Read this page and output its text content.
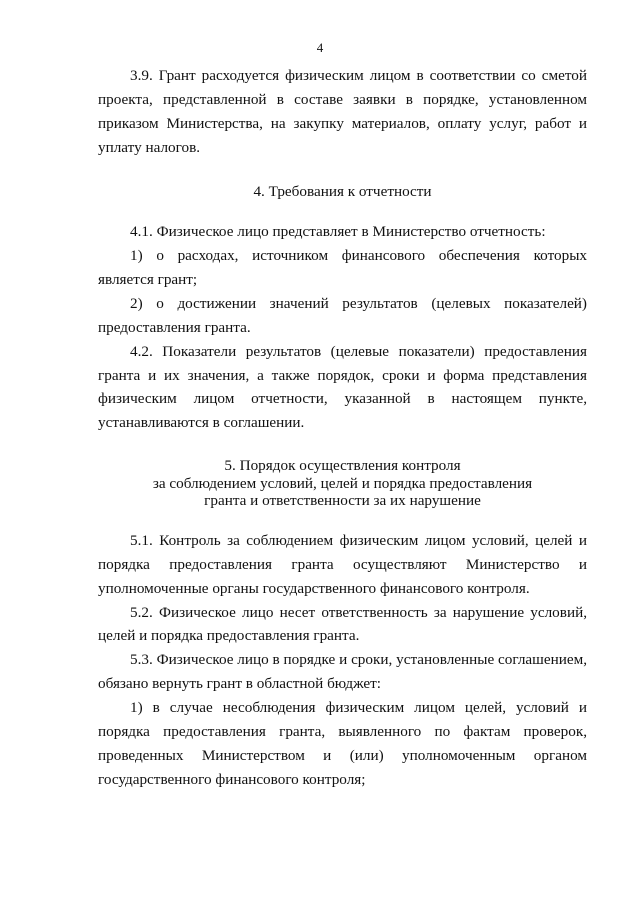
4

3.9. Грант расходуется физическим лицом в соответствии со сметой проекта, представленной в составе заявки в порядке, установленном приказом Министерства, на закупку материалов, оплату услуг, работ и уплату налогов.

4. Требования к отчетности

4.1. Физическое лицо представляет в Министерство отчетность:

1) о расходах, источником финансового обеспечения которых является грант;

2) о достижении значений результатов (целевых показателей) предоставления гранта.

4.2. Показатели результатов (целевые показатели) предоставления гранта и их значения, а также порядок, сроки и форма представления физическим лицом отчетности, указанной в настоящем пункте, устанавливаются в соглашении.

5. Порядок осуществления контроля
за соблюдением условий, целей и порядка предоставления
гранта и ответственности за их нарушение

5.1. Контроль за соблюдением физическим лицом условий, целей и порядка предоставления гранта осуществляют Министерство и уполномоченные органы государственного финансового контроля.

5.2. Физическое лицо несет ответственность за нарушение условий, целей и порядка предоставления гранта.

5.3. Физическое лицо в порядке и сроки, установленные соглашением, обязано вернуть грант в областной бюджет:

1) в случае несоблюдения физическим лицом целей, условий и порядка предоставления гранта, выявленного по фактам проверок, проведенных Министерством и (или) уполномоченным органом государственного финансового контроля;
